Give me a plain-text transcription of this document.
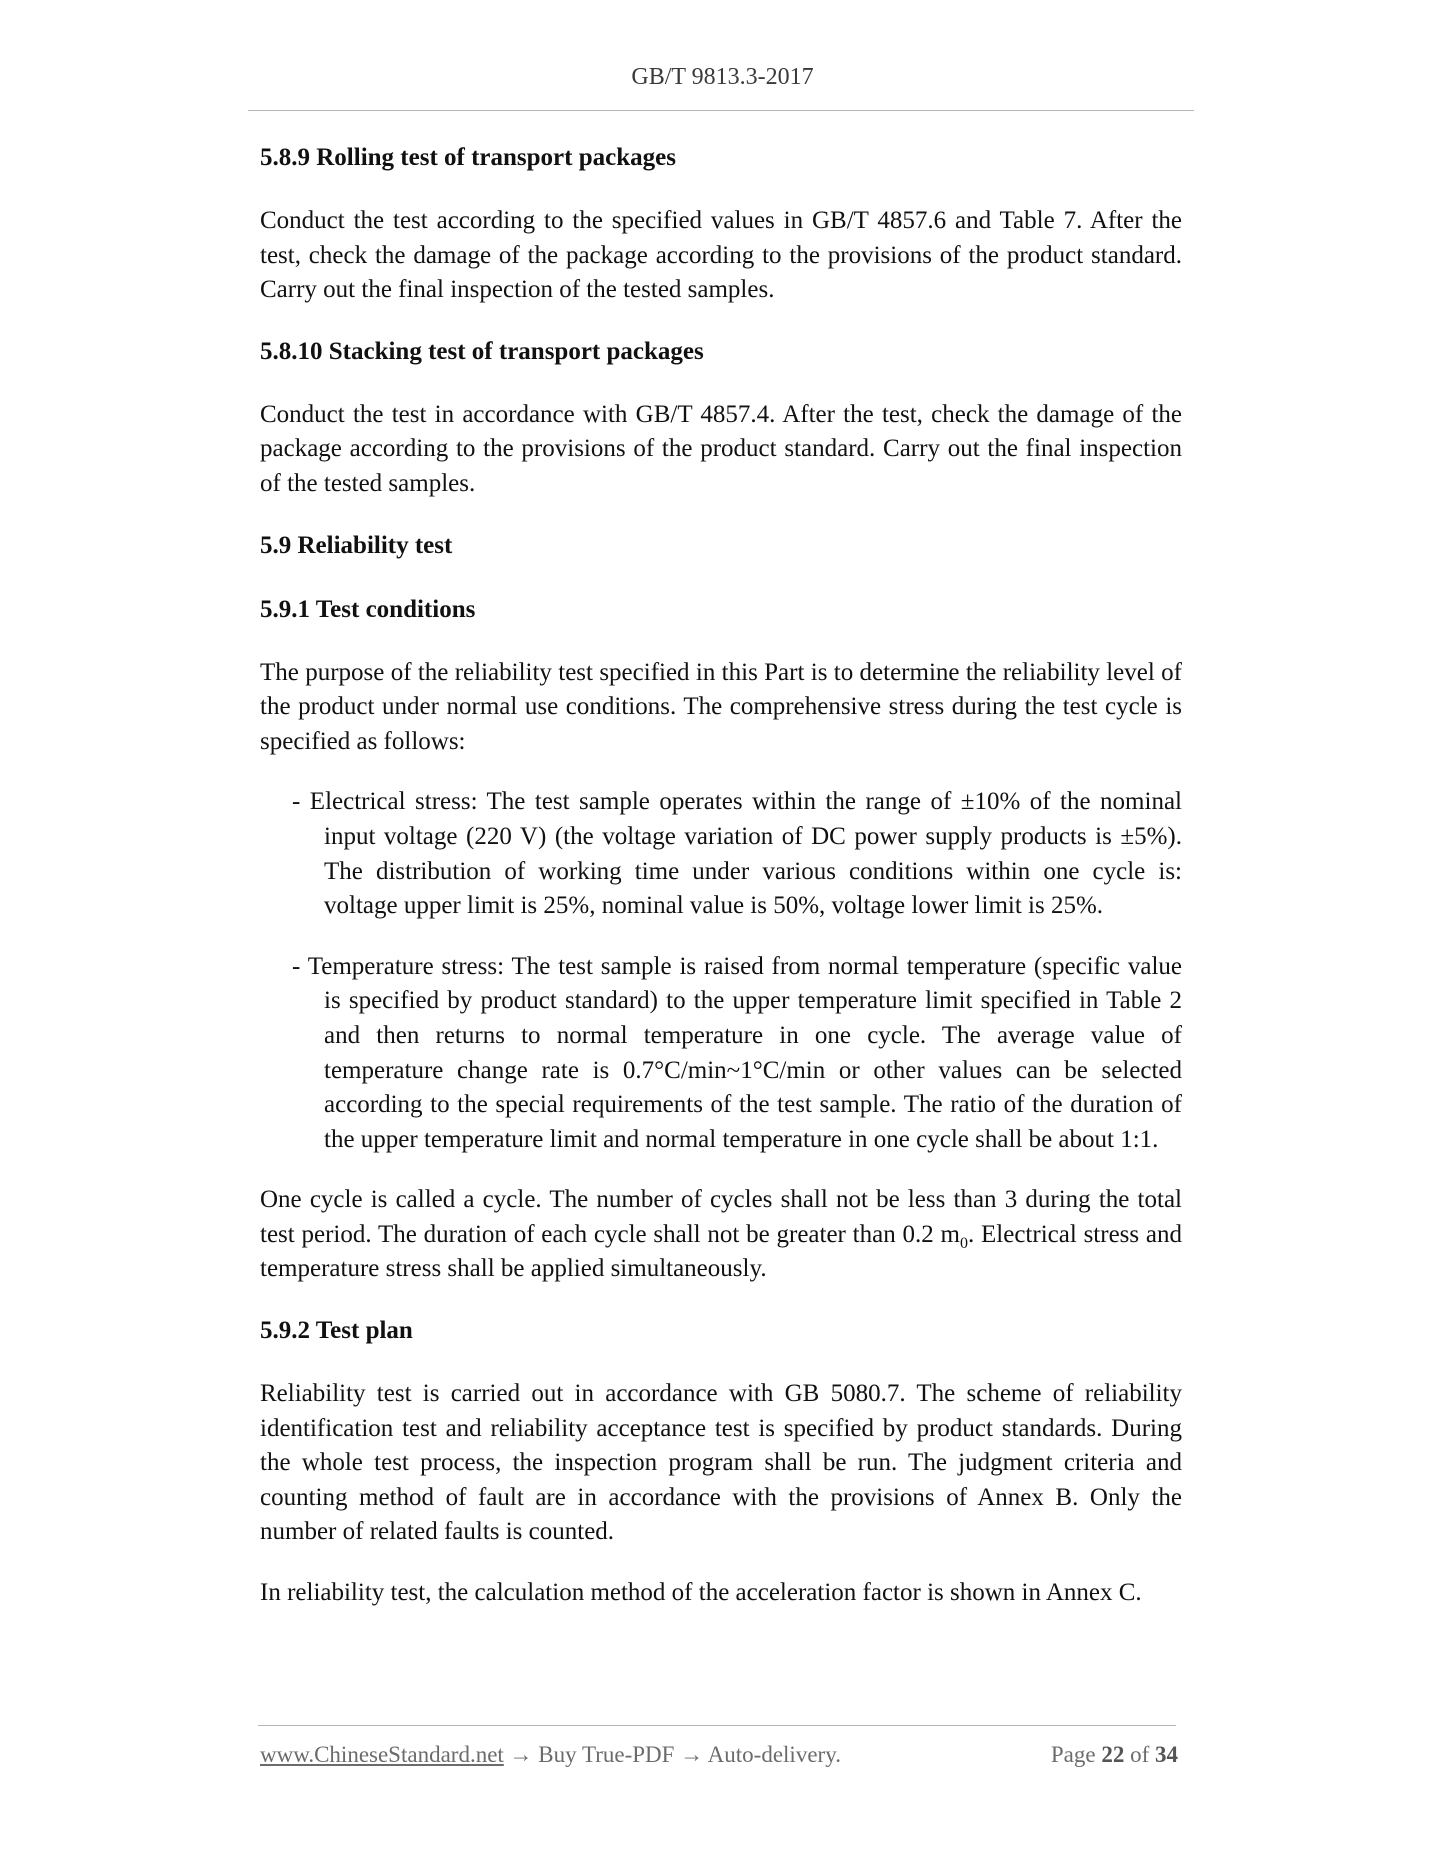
GB/T 9813.3-2017
5.8.9 Rolling test of transport packages

Conduct the test according to the specified values in GB/T 4857.6 and Table 7. After the test, check the damage of the package according to the provisions of the product standard. Carry out the final inspection of the tested samples.

5.8.10 Stacking test of transport packages

Conduct the test in accordance with GB/T 4857.4. After the test, check the damage of the package according to the provisions of the product standard. Carry out the final inspection of the tested samples.

5.9 Reliability test
5.9.1 Test conditions

The purpose of the reliability test specified in this Part is to determine the reliability level of the product under normal use conditions. The comprehensive stress during the test cycle is specified as follows:

- Electrical stress: The test sample operates within the range of ±10% of the nominal input voltage (220 V) (the voltage variation of DC power supply products is ±5%). The distribution of working time under various conditions within one cycle is: voltage upper limit is 25%, nominal value is 50%, voltage lower limit is 25%.

- Temperature stress: The test sample is raised from normal temperature (specific value is specified by product standard) to the upper temperature limit specified in Table 2 and then returns to normal temperature in one cycle. The average value of temperature change rate is 0.7°C/min~1°C/min or other values can be selected according to the special requirements of the test sample. The ratio of the duration of the upper temperature limit and normal temperature in one cycle shall be about 1:1.

One cycle is called a cycle. The number of cycles shall not be less than 3 during the total test period. The duration of each cycle shall not be greater than 0.2 $m_0$. Electrical stress and temperature stress shall be applied simultaneously.

5.9.2 Test plan

Reliability test is carried out in accordance with GB 5080.7. The scheme of reliability identification test and reliability acceptance test is specified by product standards. During the whole test process, the inspection program shall be run. The judgment criteria and counting method of fault are in accordance with the provisions of Annex B. Only the number of related faults is counted.

In reliability test, the calculation method of the acceleration factor is shown in Annex C.

www.ChineseStandard.net → Buy True-PDF → Auto-delivery.	Page 22 of 34
